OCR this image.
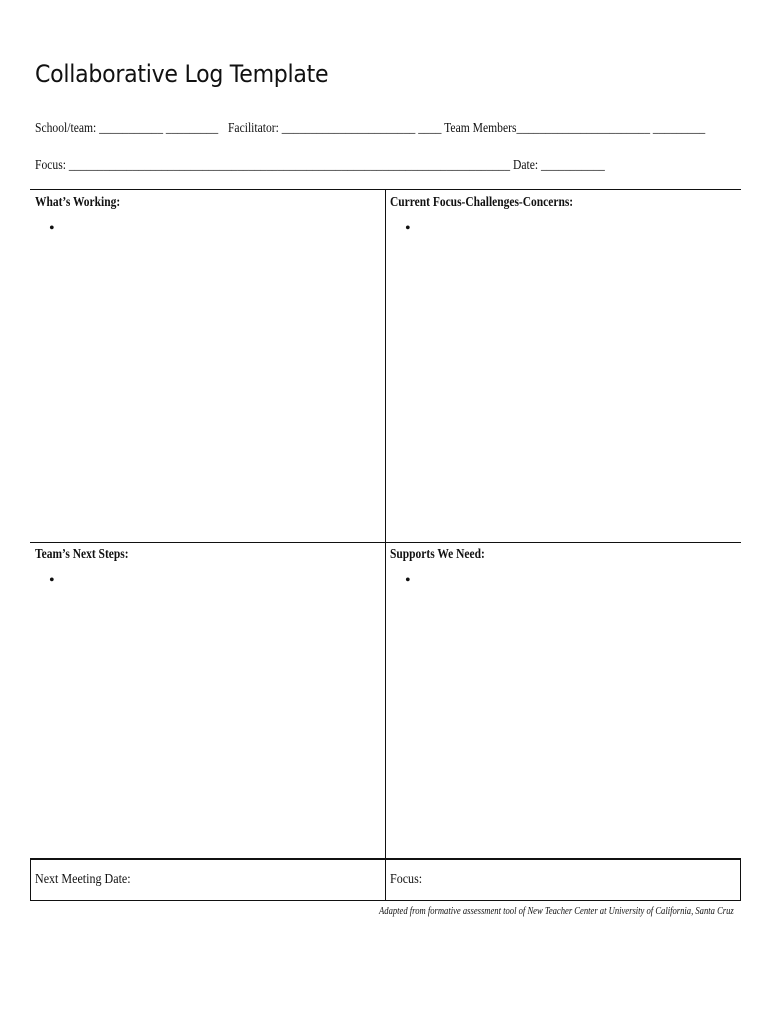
Collaborative Log Template
School/team: ___________ _________ Facilitator: _______________________ ____ Team Members_______________________ _________
Focus: ____________________________________________________________________________ Date: ___________
What’s Working:
•
Current Focus-Challenges-Concerns:
•
Team’s Next Steps:
•
Supports We Need:
•
Next Meeting Date:	Focus:
Adapted from formative assessment tool of New Teacher Center at University of California, Santa Cruz
